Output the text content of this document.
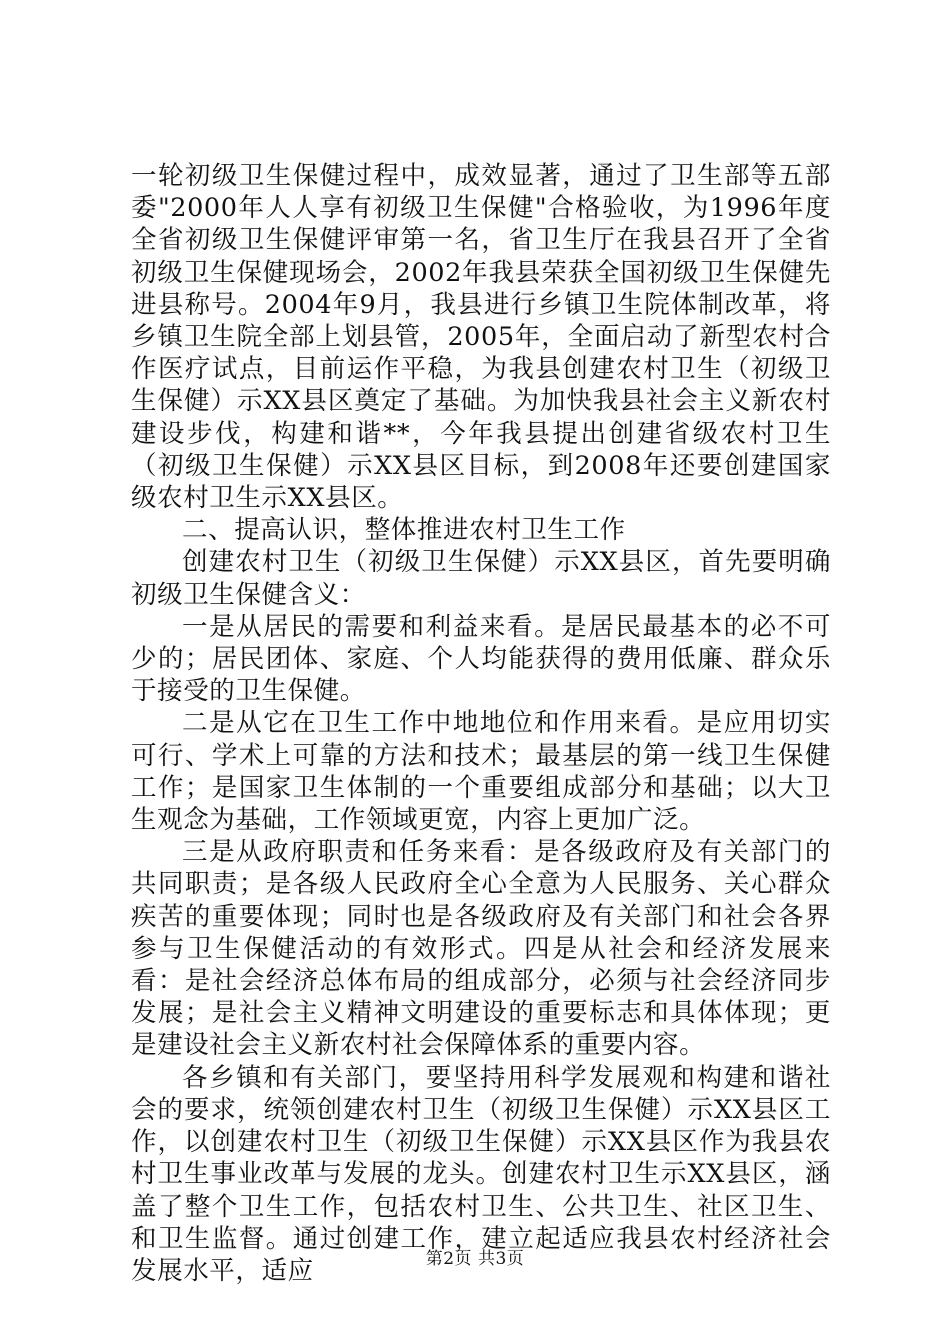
一轮初级卫生保健过程中，成效显著，通过了卫生部等五部委"2000年人人享有初级卫生保健"合格验收，为1996年度全省初级卫生保健评审第一名，省卫生厅在我县召开了全省初级卫生保健现场会，2002年我县荣获全国初级卫生保健先进县称号。2004年9月，我县进行乡镇卫生院体制改革，将乡镇卫生院全部上划县管，2005年，全面启动了新型农村合作医疗试点，目前运作平稳，为我县创建农村卫生（初级卫生保健）示XX县区奠定了基础。为加快我县社会主义新农村建设步伐，构建和谐**，今年我县提出创建省级农村卫生（初级卫生保健）示XX县区目标，到2008年还要创建国家级农村卫生示XX县区。

二、提高认识，整体推进农村卫生工作

创建农村卫生（初级卫生保健）示XX县区，首先要明确初级卫生保健含义：

一是从居民的需要和利益来看。是居民最基本的必不可少的；居民团体、家庭、个人均能获得的费用低廉、群众乐于接受的卫生保健。

二是从它在卫生工作中地地位和作用来看。是应用切实可行、学术上可靠的方法和技术；最基层的第一线卫生保健工作；是国家卫生体制的一个重要组成部分和基础；以大卫生观念为基础，工作领域更宽，内容上更加广泛。

三是从政府职责和任务来看：是各级政府及有关部门的共同职责；是各级人民政府全心全意为人民服务、关心群众疾苦的重要体现；同时也是各级政府及有关部门和社会各界参与卫生保健活动的有效形式。四是从社会和经济发展来看：是社会经济总体布局的组成部分，必须与社会经济同步发展；是社会主义精神文明建设的重要标志和具体体现；更是建设社会主义新农村社会保障体系的重要内容。

各乡镇和有关部门，要坚持用科学发展观和构建和谐社会的要求，统领创建农村卫生（初级卫生保健）示XX县区工作，以创建农村卫生（初级卫生保健）示XX县区作为我县农村卫生事业改革与发展的龙头。创建农村卫生示XX县区，涵盖了整个卫生工作，包括农村卫生、公共卫生、社区卫生、和卫生监督。通过创建工作，建立起适应我县农村经济社会发展水平，适应	第2页 共3页
